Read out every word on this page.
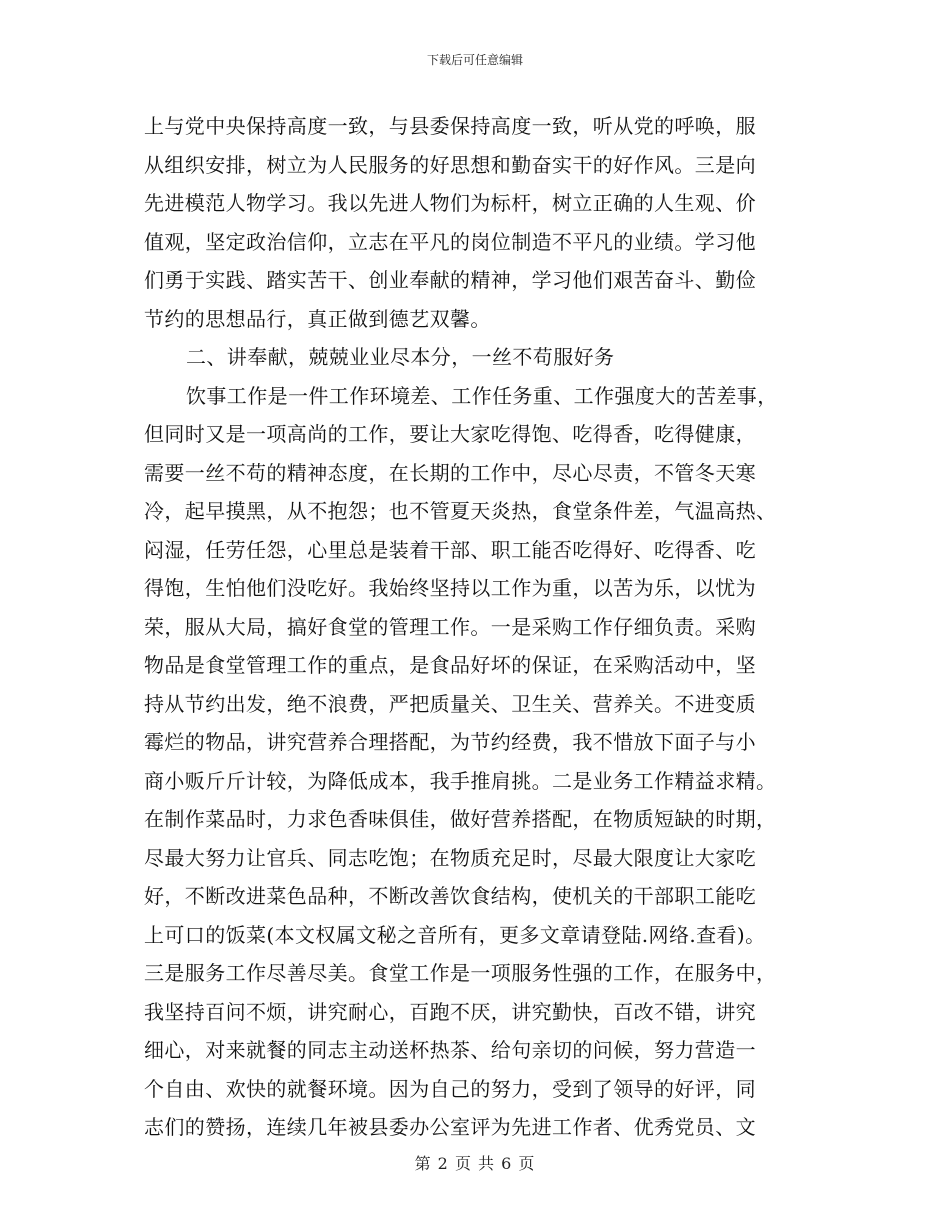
下载后可任意编辑
上与党中央保持高度一致，与县委保持高度一致，听从党的呼唤，服
从组织安排，树立为人民服务的好思想和勤奋实干的好作风。三是向
先进模范人物学习。我以先进人物们为标杆，树立正确的人生观、价
值观，坚定政治信仰，立志在平凡的岗位制造不平凡的业绩。学习他
们勇于实践、踏实苦干、创业奉献的精神，学习他们艰苦奋斗、勤俭
节约的思想品行，真正做到德艺双馨。
二、讲奉献，兢兢业业尽本分，一丝不苟服好务
饮事工作是一件工作环境差、工作任务重、工作强度大的苦差事，
但同时又是一项高尚的工作，要让大家吃得饱、吃得香，吃得健康，
需要一丝不苟的精神态度，在长期的工作中，尽心尽责，不管冬天寒
冷，起早摸黑，从不抱怨；也不管夏天炎热，食堂条件差，气温高热、
闷湿，任劳任怨，心里总是装着干部、职工能否吃得好、吃得香、吃
得饱，生怕他们没吃好。我始终坚持以工作为重，以苦为乐，以忧为
荣，服从大局，搞好食堂的管理工作。一是采购工作仔细负责。采购
物品是食堂管理工作的重点，是食品好坏的保证，在采购活动中，坚
持从节约出发，绝不浪费，严把质量关、卫生关、营养关。不进变质
霉烂的物品，讲究营养合理搭配，为节约经费，我不惜放下面子与小
商小贩斤斤计较，为降低成本，我手推肩挑。二是业务工作精益求精。
在制作菜品时，力求色香味俱佳，做好营养搭配，在物质短缺的时期，
尽最大努力让官兵、同志吃饱；在物质充足时，尽最大限度让大家吃
好，不断改进菜色品种，不断改善饮食结构，使机关的干部职工能吃
上可口的饭菜(本文权属文秘之音所有，更多文章请登陆.网络.查看)。
三是服务工作尽善尽美。食堂工作是一项服务性强的工作，在服务中，
我坚持百问不烦，讲究耐心，百跑不厌，讲究勤快，百改不错，讲究
细心，对来就餐的同志主动送杯热茶、给句亲切的问候，努力营造一
个自由、欢快的就餐环境。因为自己的努力，受到了领导的好评，同
志们的赞扬，连续几年被县委办公室评为先进工作者、优秀党员、文
第 2 页 共 6 页
